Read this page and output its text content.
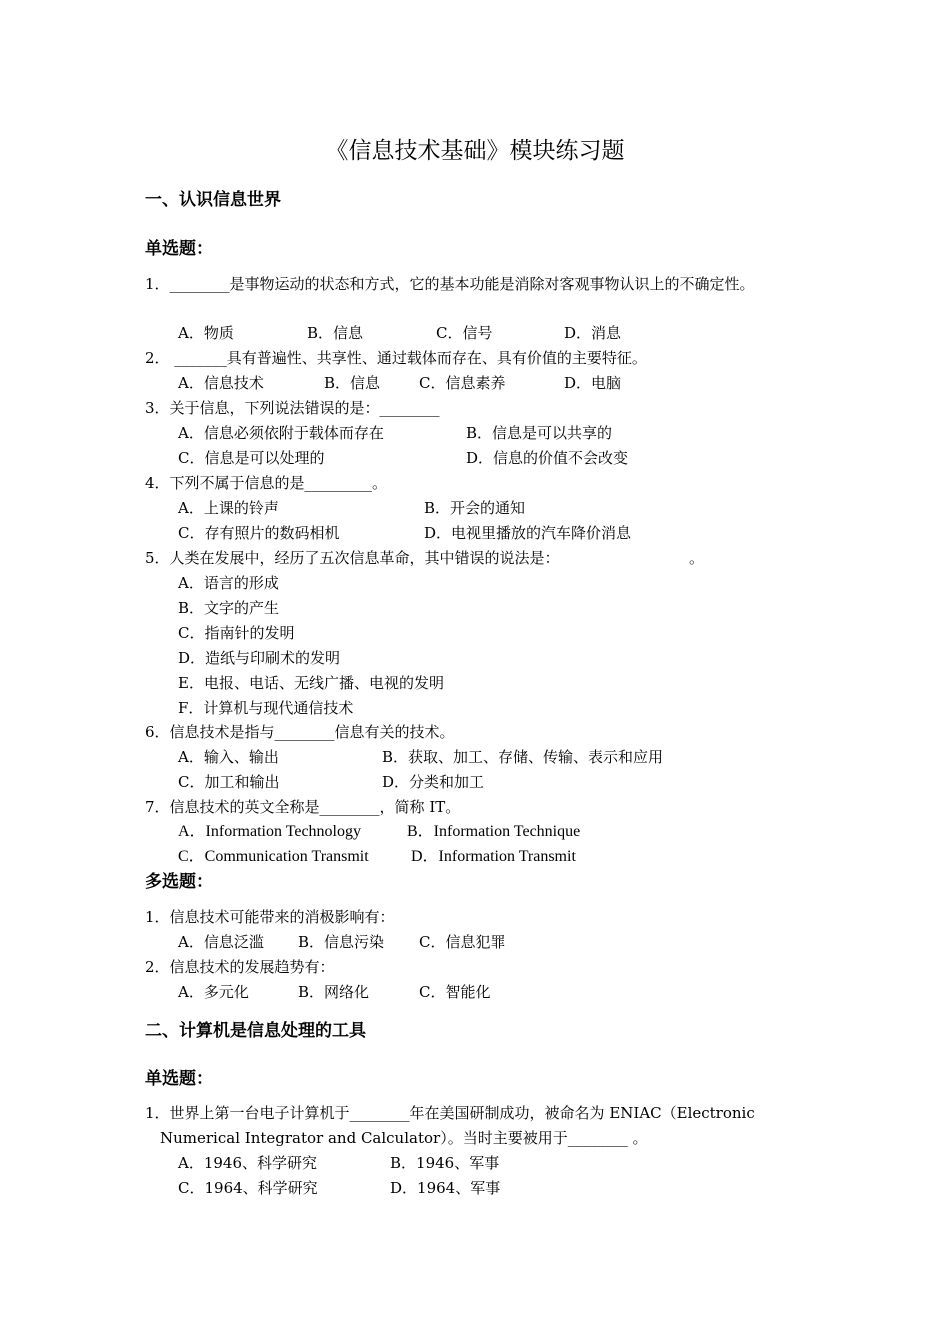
《信息技术基础》模块练习题
一、认识信息世界
单选题：
1．________是事物运动的状态和方式，它的基本功能是消除对客观事物认识上的不确定性。
A．物质	B．信息	C．信号	D．消息
2． _______具有普遍性、共享性、通过载体而存在、具有价值的主要特征。
A．信息技术	B．信息	C．信息素养	D．电脑
3．关于信息，下列说法错误的是：________
A．信息必须依附于载体而存在	B．信息是可以共享的
C．信息是可以处理的	D．信息的价值不会改变
4．下列不属于信息的是_________。
A．上课的铃声	B．开会的通知
C．存有照片的数码相机	D．电视里播放的汽车降价消息
5．人类在发展中，经历了五次信息革命，其中错误的说法是：	。
A．语言的形成
B．文字的产生
C．指南针的发明
D．造纸与印刷术的发明
E．电报、电话、无线广播、电视的发明
F．计算机与现代通信技术
6．信息技术是指与________信息有关的技术。
A．输入、输出	B．获取、加工、存储、传输、表示和应用
C．加工和输出	D．分类和加工
7．信息技术的英文全称是________，简称 IT。
A．Information Technology	B．Information Technique
C．Communication Transmit	D．Information Transmit
多选题：
1．信息技术可能带来的消极影响有：
A．信息泛滥 B．信息污染 C．信息犯罪
2．信息技术的发展趋势有：
A．多元化	B．网络化	C．智能化
二、计算机是信息处理的工具
单选题：
1．世界上第一台电子计算机于________年在美国研制成功，被命名为 ENIAC（Electronic
Numerical Integrator and Calculator）。当时主要被用于________ 。
A．1946、科学研究	B．1946、军事
C．1964、科学研究	D．1964、军事
